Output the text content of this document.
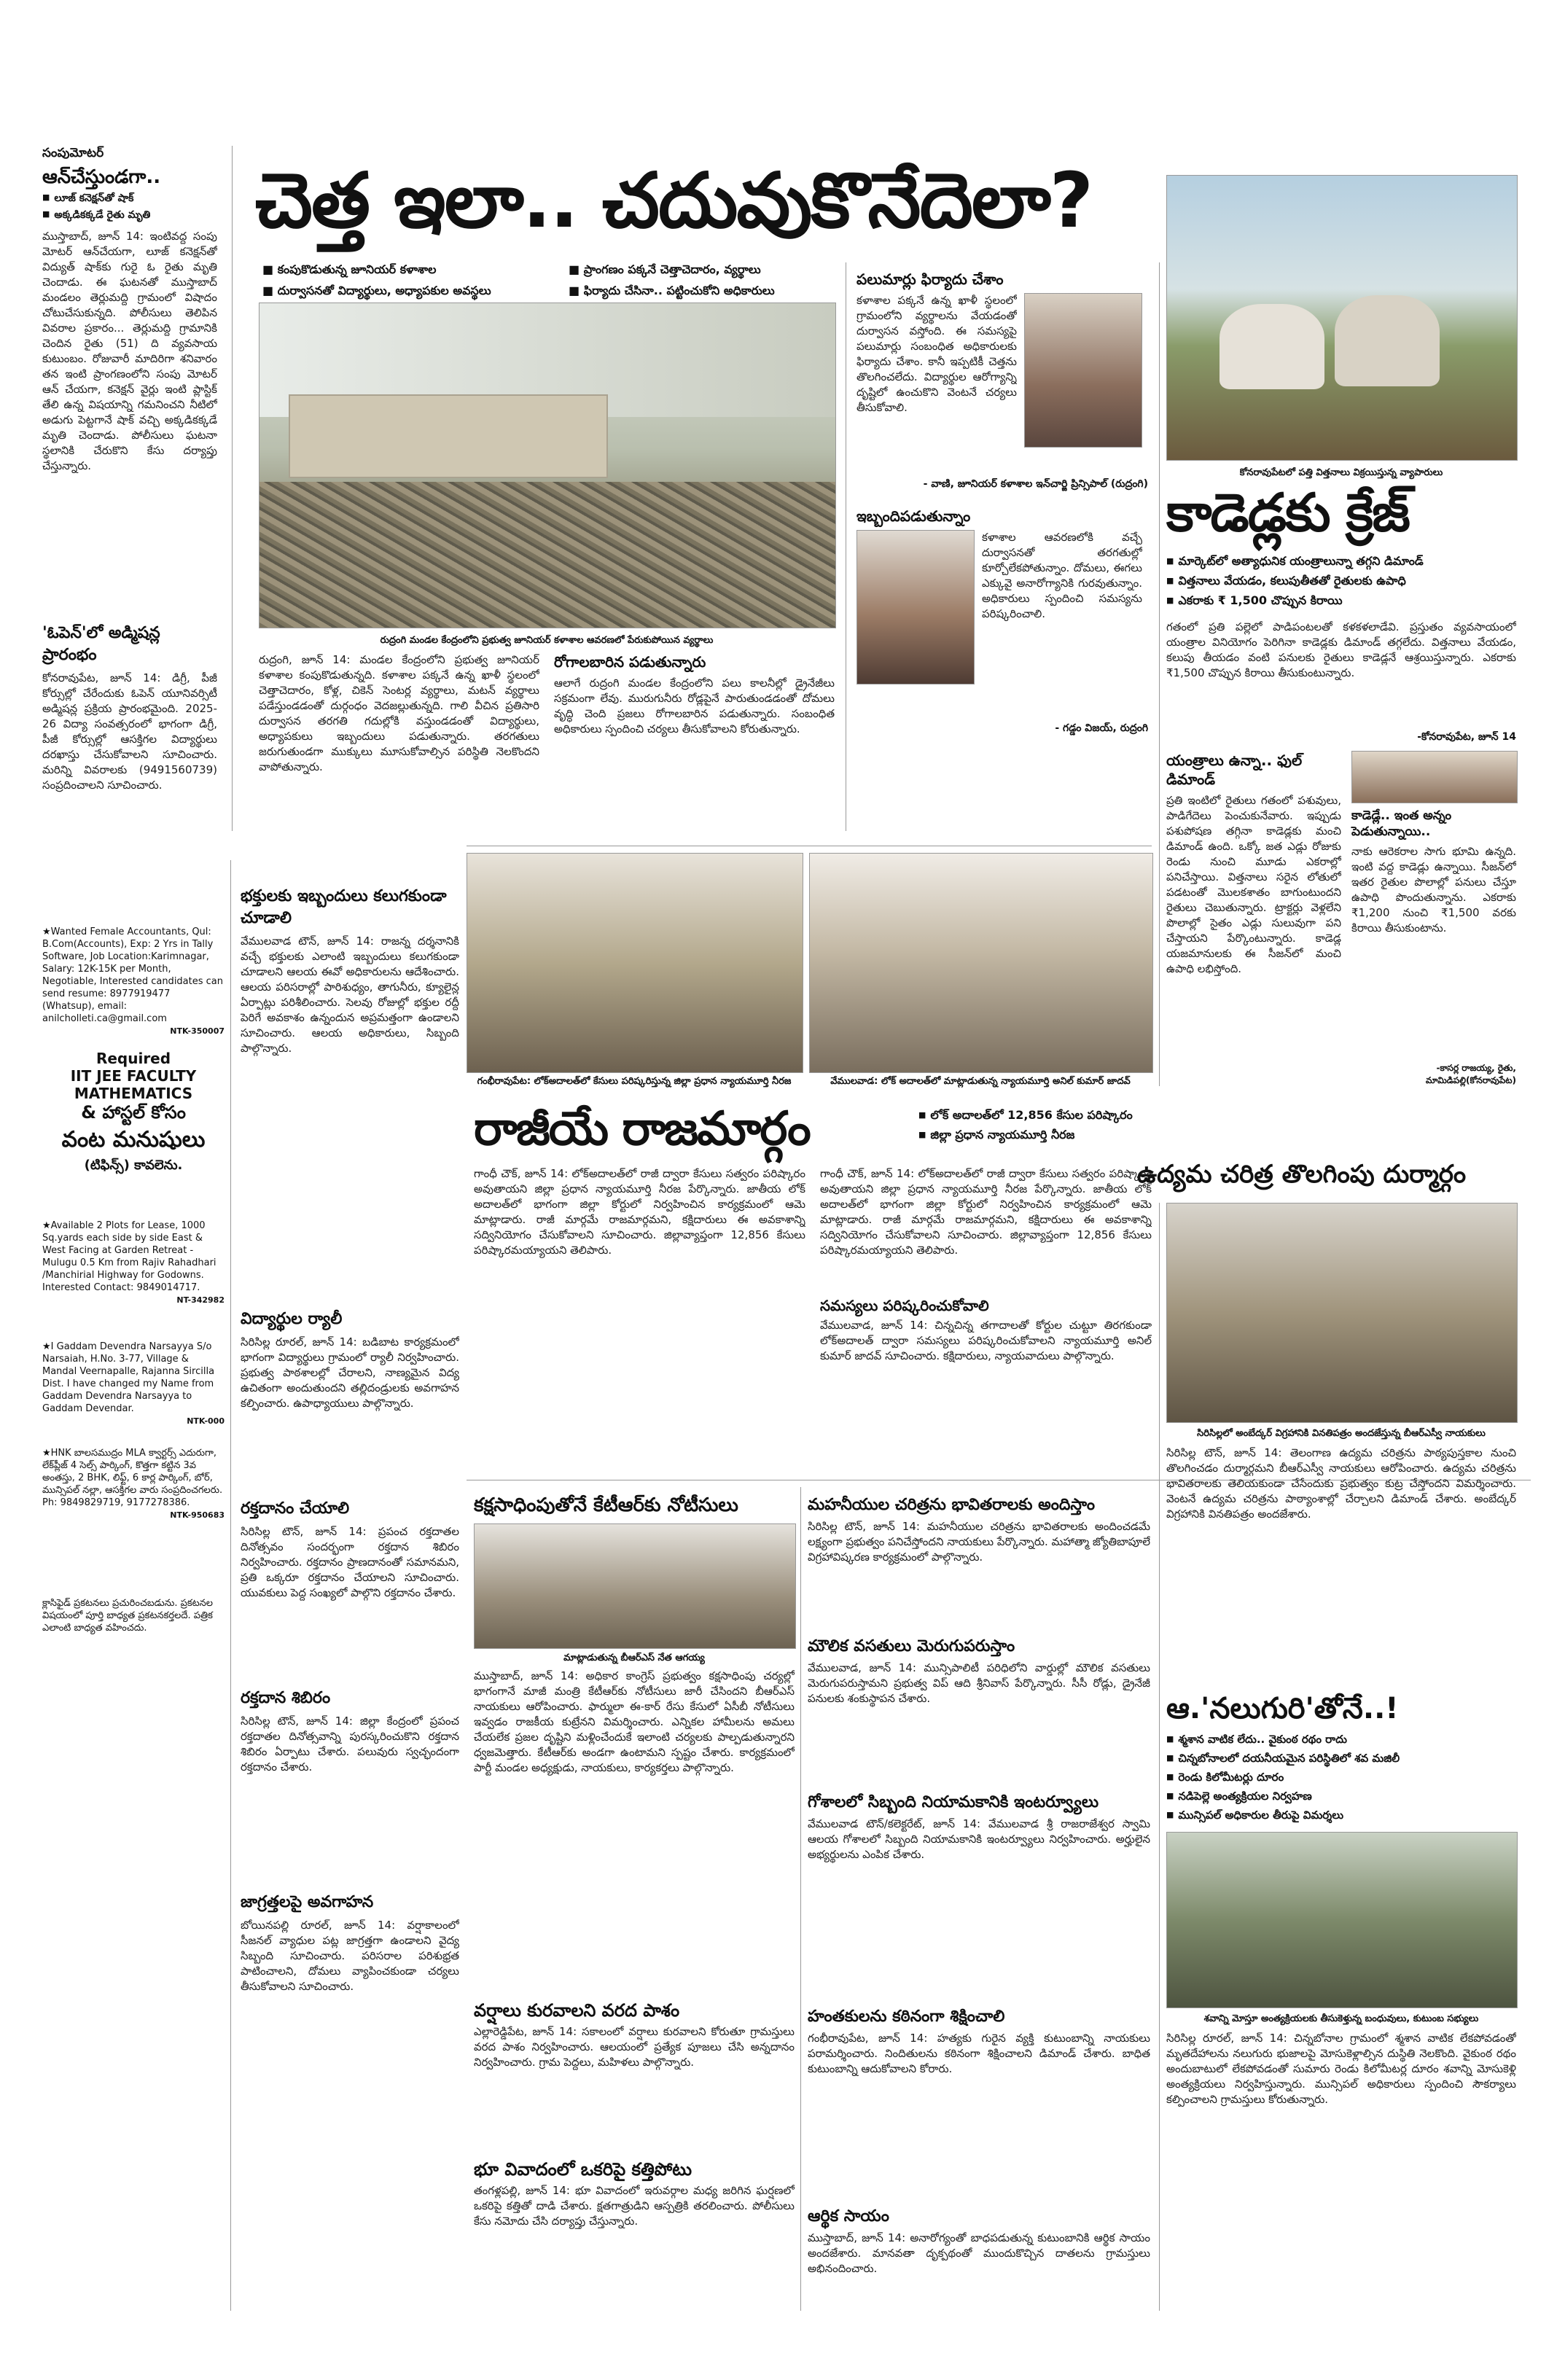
సంపుమోటర్
ఆన్‌చేస్తుండగా..
■ లూజ్ కనెక్షన్‌తో షాక్
■ అక్కడికక్కడే రైతు మృతి
ముస్తాబాద్, జూన్ 14: ఇంటివద్ద సంపు మోటర్ ఆన్‌చేయగా, లూజ్ కనెక్షన్‌తో విద్యుత్ షాక్‌కు గురై ఓ రైతు మృతి చెందాడు. ఈ ఘటనతో ముస్తాబాద్ మండలం తెర్లుమద్ది గ్రామంలో విషాదం చోటుచేసుకున్నది. పోలీసులు తెలిపిన వివరాల ప్రకారం... తెర్లుమద్ది గ్రామానికి చెందిన రైతు (51) ది వ్యవసాయ కుటుంబం. రోజువారీ మాదిరిగా శనివారం తన ఇంటి ప్రాంగణంలోని సంపు మోటర్ ఆన్ చేయగా, కనెక్షన్ వైర్లు ఇంటి ప్లాస్టిక్ తేలి ఉన్న విషయాన్ని గమనించని నీటిలో అడుగు పెట్టగానే షాక్ వచ్చి అక్కడికక్కడే మృతి చెందాడు. పోలీసులు ఘటనా స్థలానికి చేరుకొని కేసు దర్యాప్తు చేస్తున్నారు.
'ఓపెన్'లో అడ్మిషన్ల ప్రారంభం
కోనరావుపేట, జూన్ 14: డిగ్రీ, పీజీ కోర్సుల్లో చేరేందుకు ఓపెన్ యూనివర్సిటీ అడ్మిషన్ల ప్రక్రియ ప్రారంభమైంది. 2025-26 విద్యా సంవత్సరంలో భాగంగా డిగ్రీ, పీజీ కోర్సుల్లో ఆసక్తిగల విద్యార్థులు దరఖాస్తు చేసుకోవాలని సూచించారు. మరిన్ని వివరాలకు (9491560739) సంప్రదించాలని సూచించారు.
★Wanted Female Accountants, Qul: B.Com(Accounts), Exp: 2 Yrs in Tally Software, Job Location:Karimnagar, Salary: 12K-15K per Month, Negotiable, Interested candidates can send resume: 8977919477 (Whatsup), email: anilcholleti.ca@gmail.com
NTK-350007
Required
IIT JEE FACULTY
MATHEMATICS
& హాస్టల్ కోసం
వంట మనుషులు
(టిఫిన్స్) కావలెను.
★Available 2 Plots for Lease, 1000 Sq.yards each side by side East & West Facing at Garden Retreat - Mulugu 0.5 Km from Rajiv Rahadhari /Manchirial Highway for Godowns. Interested Contact: 9849014717.
NT-342982
★I Gaddam Devendra Narsayya S/o Narsaiah, H.No. 3-77, Village & Mandal Veernapalle, Rajanna Sircilla Dist. I have changed my Name from Gaddam Devendra Narsayya to Gaddam Devendar.
NTK-000
★HNK బాలసముద్రం MLA క్వార్టర్స్ ఎదురుగా, లేక్‌ప్లీజ్ 4 సెల్స్ పార్కింగ్, కొత్తగా కట్టిన 3వ అంతస్తు, 2 BHK, లిఫ్ట్, 6 కార్ల పార్కింగ్, బోర్, మున్సిపల్ నల్లా, ఆసక్తిగల వారు సంప్రదించగలరు. Ph: 9849829719, 9177278386.
NTK-950683
క్లాసిఫైడ్ ప్రకటనలు ప్రచురించబడును. ప్రకటనల విషయంలో పూర్తి బాధ్యత ప్రకటనకర్తలదే. పత్రిక ఎలాంటి బాధ్యత వహించదు.
భక్తులకు ఇబ్బందులు కలుగకుండా చూడాలి
వేములవాడ టౌన్, జూన్ 14: రాజన్న దర్శనానికి వచ్చే భక్తులకు ఎలాంటి ఇబ్బందులు కలుగకుండా చూడాలని ఆలయ ఈవో అధికారులను ఆదేశించారు. ఆలయ పరిసరాల్లో పారిశుధ్యం, తాగునీరు, క్యూలైన్ల ఏర్పాట్లు పరిశీలించారు. సెలవు రోజుల్లో భక్తుల రద్దీ పెరిగే అవకాశం ఉన్నందున అప్రమత్తంగా ఉండాలని సూచించారు. ఆలయ అధికారులు, సిబ్బంది పాల్గొన్నారు.
విద్యార్థుల ర్యాలీ
సిరిసిల్ల రూరల్, జూన్ 14: బడిబాట కార్యక్రమంలో భాగంగా విద్యార్థులు గ్రామంలో ర్యాలీ నిర్వహించారు. ప్రభుత్వ పాఠశాలల్లో చేరాలని, నాణ్యమైన విద్య ఉచితంగా అందుతుందని తల్లిదండ్రులకు అవగాహన కల్పించారు. ఉపాధ్యాయులు పాల్గొన్నారు.
రక్తదానం చేయాలి
సిరిసిల్ల టౌన్, జూన్ 14: ప్రపంచ రక్తదాతల దినోత్సవం సందర్భంగా రక్తదాన శిబిరం నిర్వహించారు. రక్తదానం ప్రాణదానంతో సమానమని, ప్రతి ఒక్కరూ రక్తదానం చేయాలని సూచించారు. యువకులు పెద్ద సంఖ్యలో పాల్గొని రక్తదానం చేశారు.
రక్తదాన శిబిరం
సిరిసిల్ల టౌన్, జూన్ 14: జిల్లా కేంద్రంలో ప్రపంచ రక్తదాతల దినోత్సవాన్ని పురస్కరించుకొని రక్తదాన శిబిరం ఏర్పాటు చేశారు. పలువురు స్వచ్ఛందంగా రక్తదానం చేశారు.
జాగ్రత్తలపై అవగాహన
బోయినపల్లి రూరల్, జూన్ 14: వర్షాకాలంలో సీజనల్ వ్యాధుల పట్ల జాగ్రత్తగా ఉండాలని వైద్య సిబ్బంది సూచించారు. పరిసరాల పరిశుభ్రత పాటించాలని, దోమలు వ్యాపించకుండా చర్యలు తీసుకోవాలని సూచించారు.
చెత్త ఇలా.. చదువుకొనేదెలా?
■ కంపుకొడుతున్న జూనియర్ కళాశాల	■ ప్రాంగణం పక్కనే చెత్తాచెదారం, వ్యర్థాలు
■ దుర్వాసనతో విద్యార్థులు, అధ్యాపకుల అవస్థలు	■ ఫిర్యాదు చేసినా.. పట్టించుకోని అధికారులు
రుద్రంగి మండల కేంద్రంలోని ప్రభుత్వ జూనియర్ కళాశాల ఆవరణలో పేరుకుపోయిన వ్యర్థాలు
రుద్రంగి, జూన్ 14: మండల కేంద్రంలోని ప్రభుత్వ జూనియర్ కళాశాల కంపుకొడుతున్నది. కళాశాల పక్కనే ఉన్న ఖాళీ స్థలంలో చెత్తాచెదారం, కోళ్ల, చికెన్ సెంటర్ల వ్యర్థాలు, మటన్ వ్యర్థాలు పడేస్తుండడంతో దుర్గంధం వెదజల్లుతున్నది. గాలి వీచిన ప్రతిసారి దుర్వాసన తరగతి గదుల్లోకి వస్తుండడంతో విద్యార్థులు, అధ్యాపకులు ఇబ్బందులు పడుతున్నారు. తరగతులు జరుగుతుండగా ముక్కులు మూసుకోవాల్సిన పరిస్థితి నెలకొందని వాపోతున్నారు.
రోగాలబారిన పడుతున్నారు
ఆలాగే రుద్రంగి మండల కేంద్రంలోని పలు కాలనీల్లో డ్రైనేజీలు సక్రమంగా లేవు. మురుగునీరు రోడ్లపైనే పారుతుండడంతో దోమలు వృద్ధి చెంది ప్రజలు రోగాలబారిన పడుతున్నారు. సంబంధిత అధికారులు స్పందించి చర్యలు తీసుకోవాలని కోరుతున్నారు.
పలుమార్లు ఫిర్యాదు చేశాం
కళాశాల పక్కనే ఉన్న ఖాళీ స్థలంలో గ్రామంలోని వ్యర్థాలను వేయడంతో దుర్వాసన వస్తోంది. ఈ సమస్యపై పలుమార్లు సంబంధిత అధికారులకు ఫిర్యాదు చేశాం. కానీ ఇప్పటికీ చెత్తను తొలగించలేదు. విద్యార్థుల ఆరోగ్యాన్ని దృష్టిలో ఉంచుకొని వెంటనే చర్యలు తీసుకోవాలి.
- వాణి, జూనియర్ కళాశాల ఇన్‌చార్జి ప్రిన్సిపాల్ (రుద్రంగి)
ఇబ్బందిపడుతున్నాం
కళాశాల ఆవరణలోకి వచ్చే దుర్వాసనతో తరగతుల్లో కూర్చోలేకపోతున్నాం. దోమలు, ఈగలు ఎక్కువై అనారోగ్యానికి గురవుతున్నాం. అధికారులు స్పందించి సమస్యను పరిష్కరించాలి.
- గడ్డం విజయ్, రుద్రంగి
కోనరావుపేటలో పత్తి విత్తనాలు విక్రయిస్తున్న వ్యాపారులు
కాడెడ్లకు క్రేజ్
■ మార్కెట్‌లో అత్యాధునిక యంత్రాలున్నా తగ్గని డిమాండ్
■ విత్తనాలు వేయడం, కలుపుతీతతో రైతులకు ఉపాధి
■ ఎకరాకు ₹ 1,500 చొప్పున కిరాయి
గతంలో ప్రతి పల్లెలో పాడిపంటలతో కళకళలాడేవి. ప్రస్తుతం వ్యవసాయంలో యంత్రాల వినియోగం పెరిగినా కాడెడ్లకు డిమాండ్ తగ్గలేదు. విత్తనాలు వేయడం, కలుపు తీయడం వంటి పనులకు రైతులు కాడెడ్లనే ఆశ్రయిస్తున్నారు. ఎకరాకు ₹1,500 చొప్పున కిరాయి తీసుకుంటున్నారు.
-కోనరావుపేట, జూన్ 14
యంత్రాలు ఉన్నా.. ఫుల్ డిమాండ్
ప్రతి ఇంటిలో రైతులు గతంలో పశువులు, పాడిగేదెలు పెంచుకునేవారు. ఇప్పుడు పశుపోషణ తగ్గినా కాడెడ్లకు మంచి డిమాండ్ ఉంది. ఒక్కో జత ఎడ్లు రోజుకు రెండు నుంచి మూడు ఎకరాల్లో పనిచేస్తాయి. విత్తనాలు సరైన లోతులో పడటంతో మొలకశాతం బాగుంటుందని రైతులు చెబుతున్నారు. ట్రాక్టర్లు వెళ్లలేని పొలాల్లో సైతం ఎడ్లు సులువుగా పని చేస్తాయని పేర్కొంటున్నారు. కాడెడ్ల యజమానులకు ఈ సీజన్‌లో మంచి ఉపాధి లభిస్తోంది.
కాడెడ్లే.. ఇంత అన్నం పెడుతున్నాయి..
నాకు ఆరెకరాల సాగు భూమి ఉన్నది. ఇంటి వద్ద కాడెడ్లు ఉన్నాయి. సీజన్‌లో ఇతర రైతుల పొలాల్లో పనులు చేస్తూ ఉపాధి పొందుతున్నాను. ఎకరాకు ₹1,200 నుంచి ₹1,500 వరకు కిరాయి తీసుకుంటాను.
-కాసర్ల రాజయ్య, రైతు, మామిడిపల్లి(కోనరావుపేట)
ఉద్యమ చరిత్ర తొలగింపు దుర్మార్గం
గంభీరావుపేట: లోక్‌అదాలత్‌లో కేసులు పరిష్కరిస్తున్న జిల్లా ప్రధాన న్యాయమూర్తి నీరజ	వేములవాడ: లోక్ అదాలత్‌లో మాట్లాడుతున్న న్యాయమూర్తి అనిల్ కుమార్ జాదవ్
రాజీయే రాజమార్గం
■	లోక్ అదాలత్‌లో 12,856 కేసుల పరిష్కారం
■ జిల్లా ప్రధాన న్యాయమూర్తి నీరజ
గాంధీ చౌక్, జూన్ 14: లోక్‌అదాలత్‌లో రాజీ ద్వారా కేసులు సత్వరం పరిష్కారం అవుతాయని జిల్లా ప్రధాన న్యాయమూర్తి నీరజ పేర్కొన్నారు. జాతీయ లోక్ అదాలత్‌లో భాగంగా జిల్లా కోర్టులో నిర్వహించిన కార్యక్రమంలో ఆమె మాట్లాడారు. రాజీ మార్గమే రాజమార్గమని, కక్షిదారులు ఈ అవకాశాన్ని సద్వినియోగం చేసుకోవాలని సూచించారు. జిల్లావ్యాప్తంగా 12,856 కేసులు పరిష్కారమయ్యాయని తెలిపారు.
గాంధీ చౌక్, జూన్ 14: లోక్‌అదాలత్‌లో రాజీ ద్వారా కేసులు సత్వరం పరిష్కారం అవుతాయని జిల్లా ప్రధాన న్యాయమూర్తి నీరజ పేర్కొన్నారు. జాతీయ లోక్ అదాలత్‌లో భాగంగా జిల్లా కోర్టులో నిర్వహించిన కార్యక్రమంలో ఆమె మాట్లాడారు. రాజీ మార్గమే రాజమార్గమని, కక్షిదారులు ఈ అవకాశాన్ని సద్వినియోగం చేసుకోవాలని సూచించారు. జిల్లావ్యాప్తంగా 12,856 కేసులు పరిష్కారమయ్యాయని తెలిపారు.
సమస్యలు పరిష్కరించుకోవాలి
వేములవాడ, జూన్ 14: చిన్నచిన్న తగాదాలతో కోర్టుల చుట్టూ తిరగకుండా లోక్‌అదాలత్ ద్వారా సమస్యలు పరిష్కరించుకోవాలని న్యాయమూర్తి అనిల్ కుమార్ జాదవ్ సూచించారు. కక్షిదారులు, న్యాయవాదులు పాల్గొన్నారు.
కక్షసాధింపుతోనే కేటీఆర్‌కు నోటీసులు
మాట్లాడుతున్న బీఆర్ఎస్ నేత ఆగయ్య
ముస్తాబాద్, జూన్ 14: అధికార కాంగ్రెస్ ప్రభుత్వం కక్షసాధింపు చర్యల్లో భాగంగానే మాజీ మంత్రి కేటీఆర్‌కు నోటీసులు జారీ చేసిందని బీఆర్ఎస్ నాయకులు ఆరోపించారు. ఫార్ములా ఈ-కార్ రేసు కేసులో ఏసీబీ నోటీసులు ఇవ్వడం రాజకీయ కుట్రేనని విమర్శించారు. ఎన్నికల హామీలను అమలు చేయలేక ప్రజల దృష్టిని మళ్లించేందుకే ఇలాంటి చర్యలకు పాల్పడుతున్నారని ధ్వజమెత్తారు. కేటీఆర్‌కు అండగా ఉంటామని స్పష్టం చేశారు. కార్యక్రమంలో పార్టీ మండల అధ్యక్షుడు, నాయకులు, కార్యకర్తలు పాల్గొన్నారు.
వర్షాలు కురవాలని వరద పాశం
ఎల్లారెడ్డిపేట, జూన్ 14: సకాలంలో వర్షాలు కురవాలని కోరుతూ గ్రామస్తులు వరద పాశం నిర్వహించారు. ఆలయంలో ప్రత్యేక పూజలు చేసి అన్నదానం నిర్వహించారు. గ్రామ పెద్దలు, మహిళలు పాల్గొన్నారు.
భూ వివాదంలో ఒకరిపై కత్తిపోటు
తంగళ్లపల్లి, జూన్ 14: భూ వివాదంలో ఇరువర్గాల మధ్య జరిగిన ఘర్షణలో ఒకరిపై కత్తితో దాడి చేశారు. క్షతగాత్రుడిని ఆస్పత్రికి తరలించారు. పోలీసులు కేసు నమోదు చేసి దర్యాప్తు చేస్తున్నారు.
మహనీయుల చరిత్రను భావితరాలకు అందిస్తాం
సిరిసిల్ల టౌన్, జూన్ 14: మహనీయుల చరిత్రను భావితరాలకు అందించడమే లక్ష్యంగా ప్రభుత్వం పనిచేస్తోందని నాయకులు పేర్కొన్నారు. మహాత్మా జ్యోతిబాపూలే విగ్రహావిష్కరణ కార్యక్రమంలో పాల్గొన్నారు.
మౌలిక వసతులు మెరుగుపరుస్తాం
వేములవాడ, జూన్ 14: మున్సిపాలిటీ పరిధిలోని వార్డుల్లో మౌలిక వసతులు మెరుగుపరుస్తామని ప్రభుత్వ విప్ ఆది శ్రీనివాస్ పేర్కొన్నారు. సీసీ రోడ్లు, డ్రైనేజీ పనులకు శంకుస్థాపన చేశారు.
గోశాలలో సిబ్బంది నియామకానికి ఇంటర్వ్యూలు
వేములవాడ టౌన్/కలెక్టరేట్, జూన్ 14: వేములవాడ శ్రీ రాజరాజేశ్వర స్వామి ఆలయ గోశాలలో సిబ్బంది నియామకానికి ఇంటర్వ్యూలు నిర్వహించారు. అర్హులైన అభ్యర్థులను ఎంపిక చేశారు.
హంతకులను కఠినంగా శిక్షించాలి
గంభీరావుపేట, జూన్ 14: హత్యకు గురైన వ్యక్తి కుటుంబాన్ని నాయకులు పరామర్శించారు. నిందితులను కఠినంగా శిక్షించాలని డిమాండ్ చేశారు. బాధిత కుటుంబాన్ని ఆదుకోవాలని కోరారు.
ఆర్థిక సాయం
ముస్తాబాద్, జూన్ 14: అనారోగ్యంతో బాధపడుతున్న కుటుంబానికి ఆర్థిక సాయం అందజేశారు. మానవతా దృక్పథంతో ముందుకొచ్చిన దాతలను గ్రామస్తులు అభినందించారు.
సిరిసిల్లలో అంబేద్కర్ విగ్రహానికి వినతిపత్రం అందజేస్తున్న బీఆర్ఎస్వీ నాయకులు
సిరిసిల్ల టౌన్, జూన్ 14: తెలంగాణ ఉద్యమ చరిత్రను పాఠ్యపుస్తకాల నుంచి తొలగించడం దుర్మార్గమని బీఆర్ఎస్వీ నాయకులు ఆరోపించారు. ఉద్యమ చరిత్రను భావితరాలకు తెలియకుండా చేసేందుకు ప్రభుత్వం కుట్ర చేస్తోందని విమర్శించారు. వెంటనే ఉద్యమ చరిత్రను పాఠ్యాంశాల్లో చేర్చాలని డిమాండ్ చేశారు. అంబేద్కర్ విగ్రహానికి వినతిపత్రం అందజేశారు.
ఆ.'నలుగురి'తోనే..!
■ శ్మశాన వాటిక లేదు.. వైకుంఠ రథం రాదు
■ చిన్నబోనాలలో దయనీయమైన పరిస్థితిలో శవ మజిలీ
■ రెండు కిలోమీటర్లు దూరం
■ నడిపెల్లె అంత్యక్రియల నిర్వహణ
■ మున్సిపల్ అధికారుల తీరుపై విమర్శలు
శవాన్ని మోస్తూ అంత్యక్రియలకు తీసుకెళ్తున్న బంధువులు, కుటుంబ సభ్యులు
సిరిసిల్ల రూరల్, జూన్ 14: చిన్నబోనాల గ్రామంలో శ్మశాన వాటిక లేకపోవడంతో మృతదేహాలను నలుగురు భుజాలపై మోసుకెళ్లాల్సిన దుస్థితి నెలకొంది. వైకుంఠ రథం అందుబాటులో లేకపోవడంతో సుమారు రెండు కిలోమీటర్ల దూరం శవాన్ని మోసుకెళ్లి అంత్యక్రియలు నిర్వహిస్తున్నారు. మున్సిపల్ అధికారులు స్పందించి సౌకర్యాలు కల్పించాలని గ్రామస్తులు కోరుతున్నారు.
